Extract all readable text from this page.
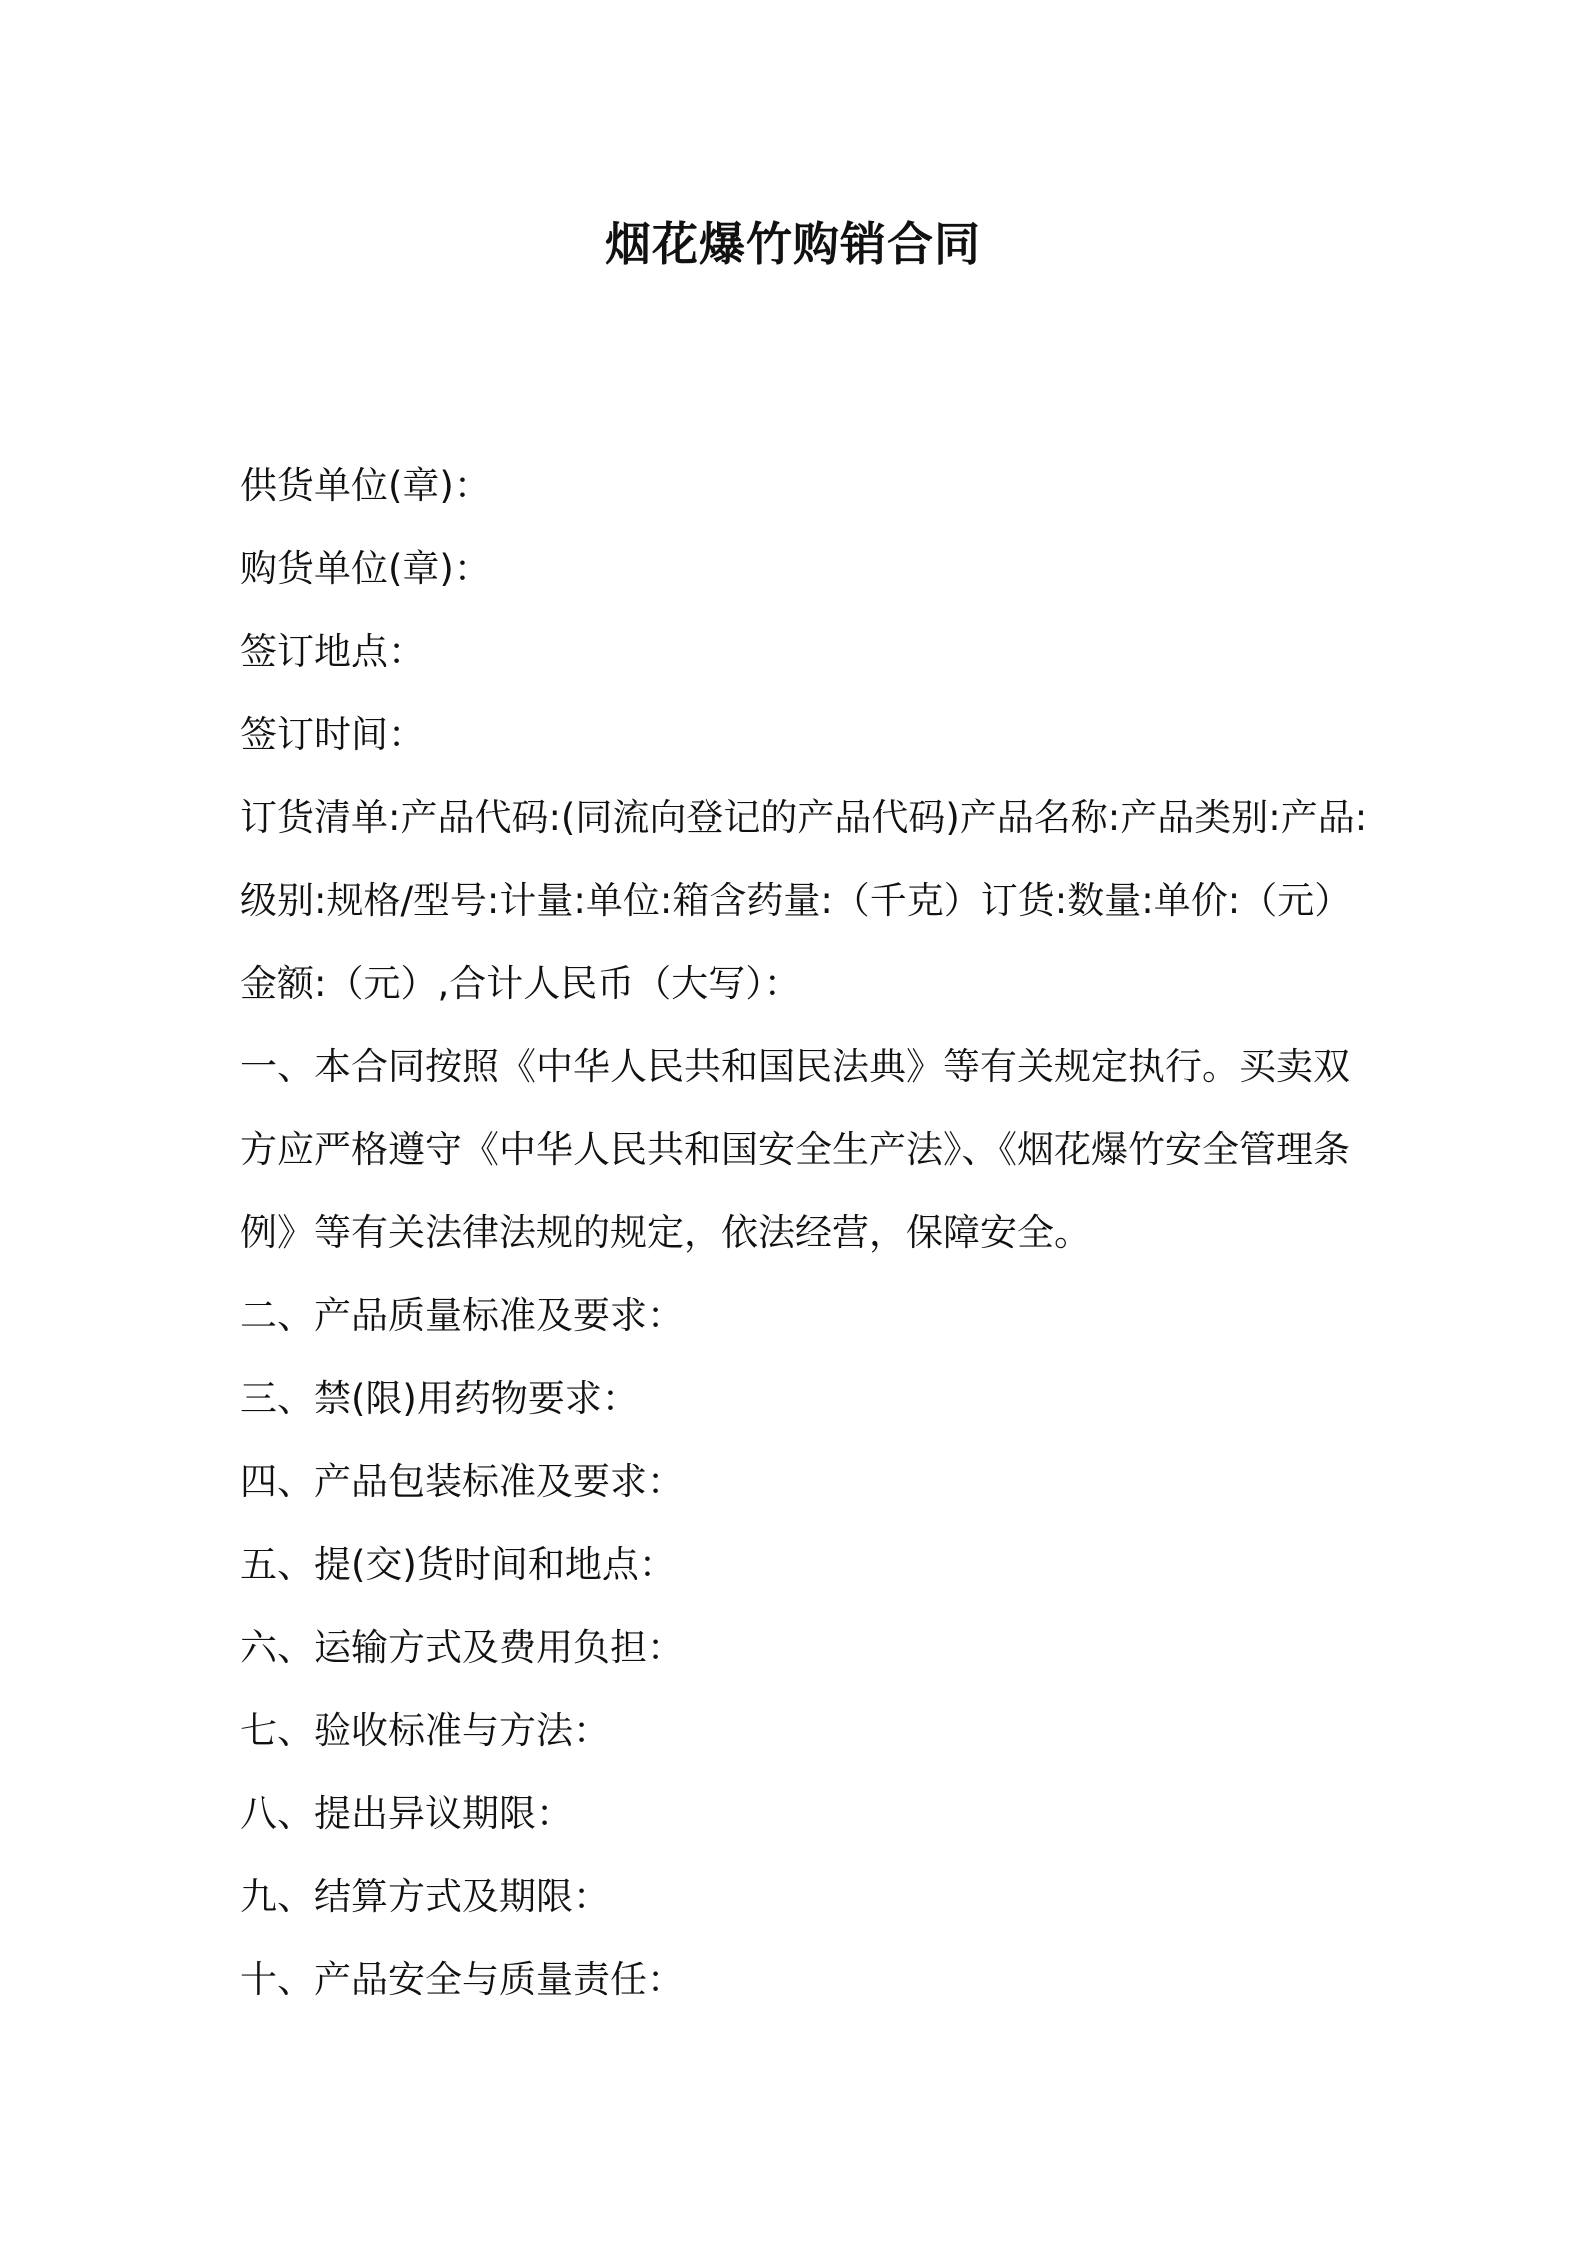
烟花爆竹购销合同
供货单位(章)：
购货单位(章)：
签订地点：
签订时间：
订货清单:产品代码:(同流向登记的产品代码)产品名称:产品类别:产品:级别:规格/型号:计量:单位:箱含药量:（千克）订货:数量:单价:（元）金额:（元）,合计人民币（大写）：
一、本合同按照《中华人民共和国民法典》等有关规定执行。买卖双方应严格遵守《中华人民共和国安全生产法》、《烟花爆竹安全管理条例》等有关法律法规的规定，依法经营，保障安全。
二、产品质量标准及要求：
三、禁(限)用药物要求：
四、产品包装标准及要求：
五、提(交)货时间和地点：
六、运输方式及费用负担：
七、验收标准与方法：
八、提出异议期限：
九、结算方式及期限：
十、产品安全与质量责任：
